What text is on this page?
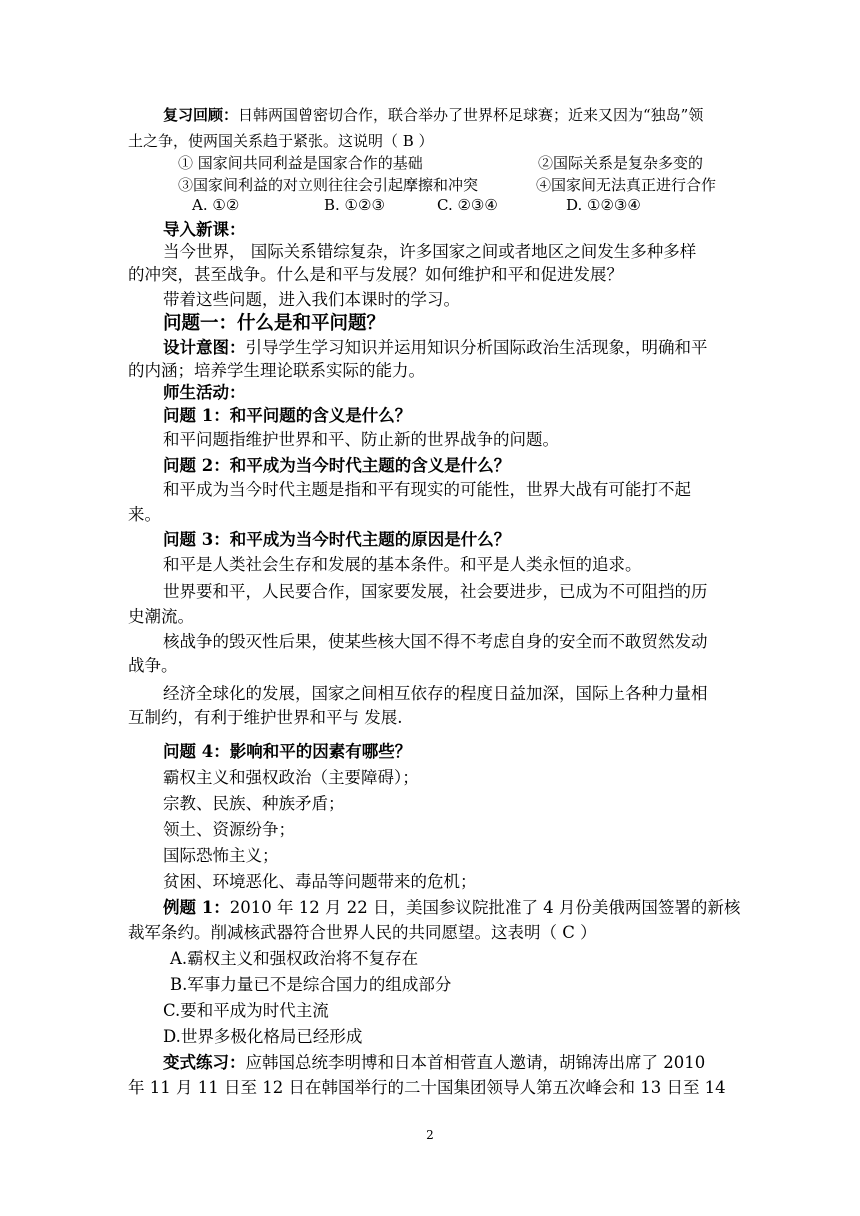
复习回顾：日韩两国曾密切合作，联合举办了世界杯足球赛；近来又因为“独岛”领
土之争，使两国关系趋于紧张。这说明（ B ）
① 国家间共同利益是国家合作的基础	②国际关系是复杂多变的
③国家间利益的对立则往往会引起摩擦和冲突	④国家间无法真正进行合作
A. ①②	B. ①②③	C. ②③④	D. ①②③④
导入新课：
当今世界， 国际关系错综复杂，许多国家之间或者地区之间发生多种多样
的冲突，甚至战争。什么是和平与发展？如何维护和平和促进发展？
带着这些问题，进入我们本课时的学习。
问题一：什么是和平问题？
设计意图：引导学生学习知识并运用知识分析国际政治生活现象，明确和平
的内涵；培养学生理论联系实际的能力。
师生活动：
问题 1：和平问题的含义是什么？
和平问题指维护世界和平、防止新的世界战争的问题。
问题 2：和平成为当今时代主题的含义是什么？
和平成为当今时代主题是指和平有现实的可能性，世界大战有可能打不起
来。
问题 3：和平成为当今时代主题的原因是什么？
和平是人类社会生存和发展的基本条件。和平是人类永恒的追求。
世界要和平，人民要合作，国家要发展，社会要进步，已成为不可阻挡的历
史潮流。
核战争的毁灭性后果，使某些核大国不得不考虑自身的安全而不敢贸然发动
战争。
经济全球化的发展，国家之间相互依存的程度日益加深，国际上各种力量相
互制约，有利于维护世界和平与 发展.
问题 4：影响和平的因素有哪些？
霸权主义和强权政治（主要障碍）；
宗教、民族、种族矛盾；
领土、资源纷争；
国际恐怖主义；
贫困、环境恶化、毒品等问题带来的危机；
例题 1：2010 年 12 月 22 日，美国参议院批准了 4 月份美俄两国签署的新核
裁军条约。削减核武器符合世界人民的共同愿望。这表明（ C ）
A.霸权主义和强权政治将不复存在
B.军事力量已不是综合国力的组成部分
C.要和平成为时代主流
D.世界多极化格局已经形成
变式练习：应韩国总统李明博和日本首相菅直人邀请，胡锦涛出席了 2010
年 11 月 11 日至 12 日在韩国举行的二十国集团领导人第五次峰会和 13 日至 14
2
